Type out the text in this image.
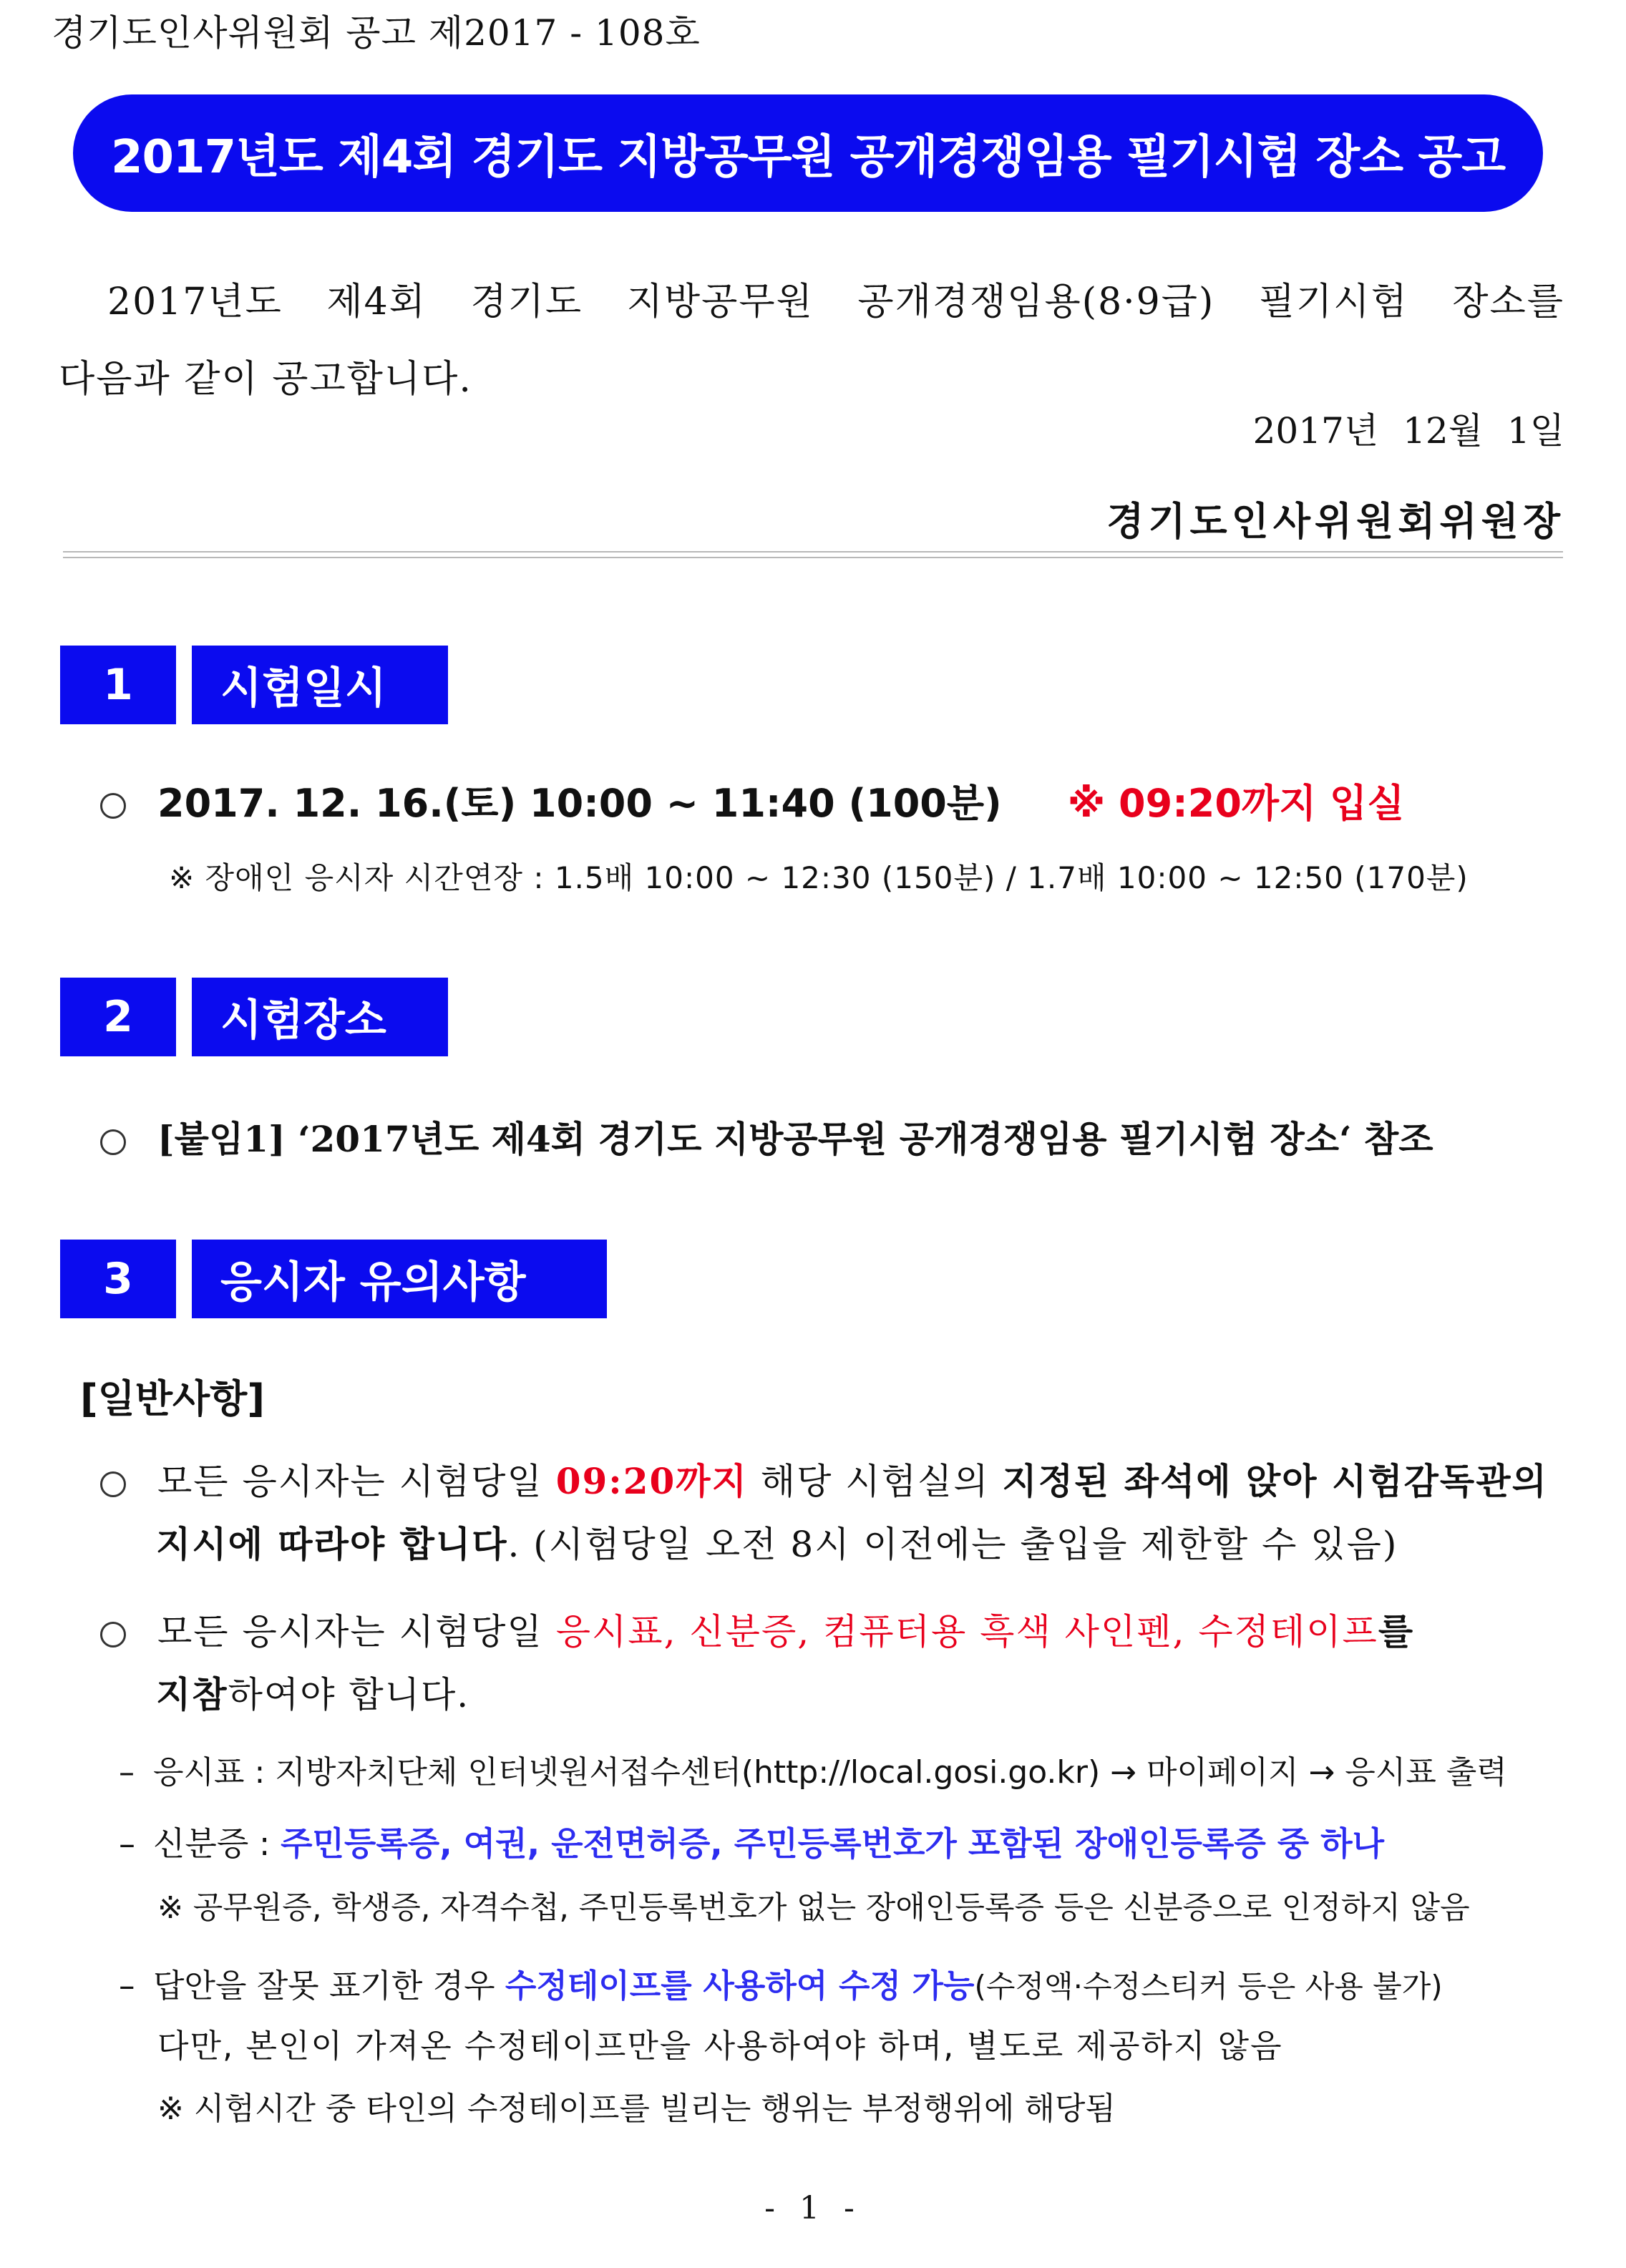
경기도인사위원회 공고 제2017 - 108호
2017년도 제4회 경기도 지방공무원 공개경쟁임용 필기시험 장소 공고

2017년도 제4회 경기도 지방공무원 공개경쟁임용(8·9급) 필기시험 장소를

다음과 같이 공고합니다.

2017년 12월 1일
경기도인사위원회위원장
1	시험일시
2017. 12. 16.(토) 10:00 ~ 11:40 (100분) ※ 09:20까지 입실
※ 장애인 응시자 시간연장 : 1.5배 10:00 ~ 12:30 (150분) / 1.7배 10:00 ~ 12:50 (170분)
2	시험장소
[붙임1] ‘2017년도 제4회 경기도 지방공무원 공개경쟁임용 필기시험 장소‘ 참조
3	응시자 유의사항
[일반사항]
모든 응시자는 시험당일 09:20까지 해당 시험실의 지정된 좌석에 앉아 시험감독관의
지시에 따라야 합니다. (시험당일 오전 8시 이전에는 출입을 제한할 수 있음)
모든 응시자는 시험당일 응시표, 신분증, 컴퓨터용 흑색 사인펜, 수정테이프를
지참하여야 합니다.
– 응시표 : 지방자치단체 인터넷원서접수센터(http://local.gosi.go.kr) → 마이페이지 → 응시표 출력
– 신분증 : 주민등록증, 여권, 운전면허증, 주민등록번호가 포함된 장애인등록증 중 하나
※ 공무원증, 학생증, 자격수첩, 주민등록번호가 없는 장애인등록증 등은 신분증으로 인정하지 않음
– 답안을 잘못 표기한 경우 수정테이프를 사용하여 수정 가능(수정액·수정스티커 등은 사용 불가)
다만, 본인이 가져온 수정테이프만을 사용하여야 하며, 별도로 제공하지 않음
※ 시험시간 중 타인의 수정테이프를 빌리는 행위는 부정행위에 해당됨
- 1 -
